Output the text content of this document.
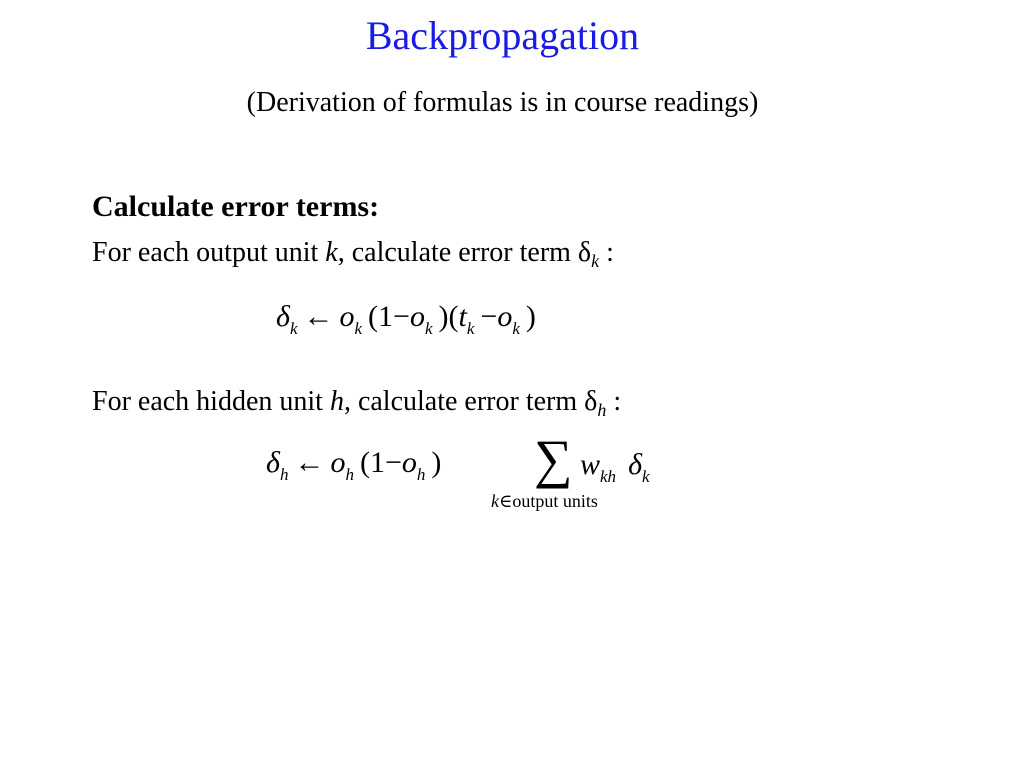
Backpropagation
(Derivation of formulas is in course readings)
Calculate error terms:
For each output unit k, calculate error term $\delta_k$ :
$\delta_k$ ← $o_k$ ($1-o_k$ )($t_k -o_k$ )
For each hidden unit h, calculate error term $\delta_h$ :
$\delta_h$ ← $o_h$ ($1-o_h$ ) ∑ $w_{kh}$ $\delta_k$
k∈output units
